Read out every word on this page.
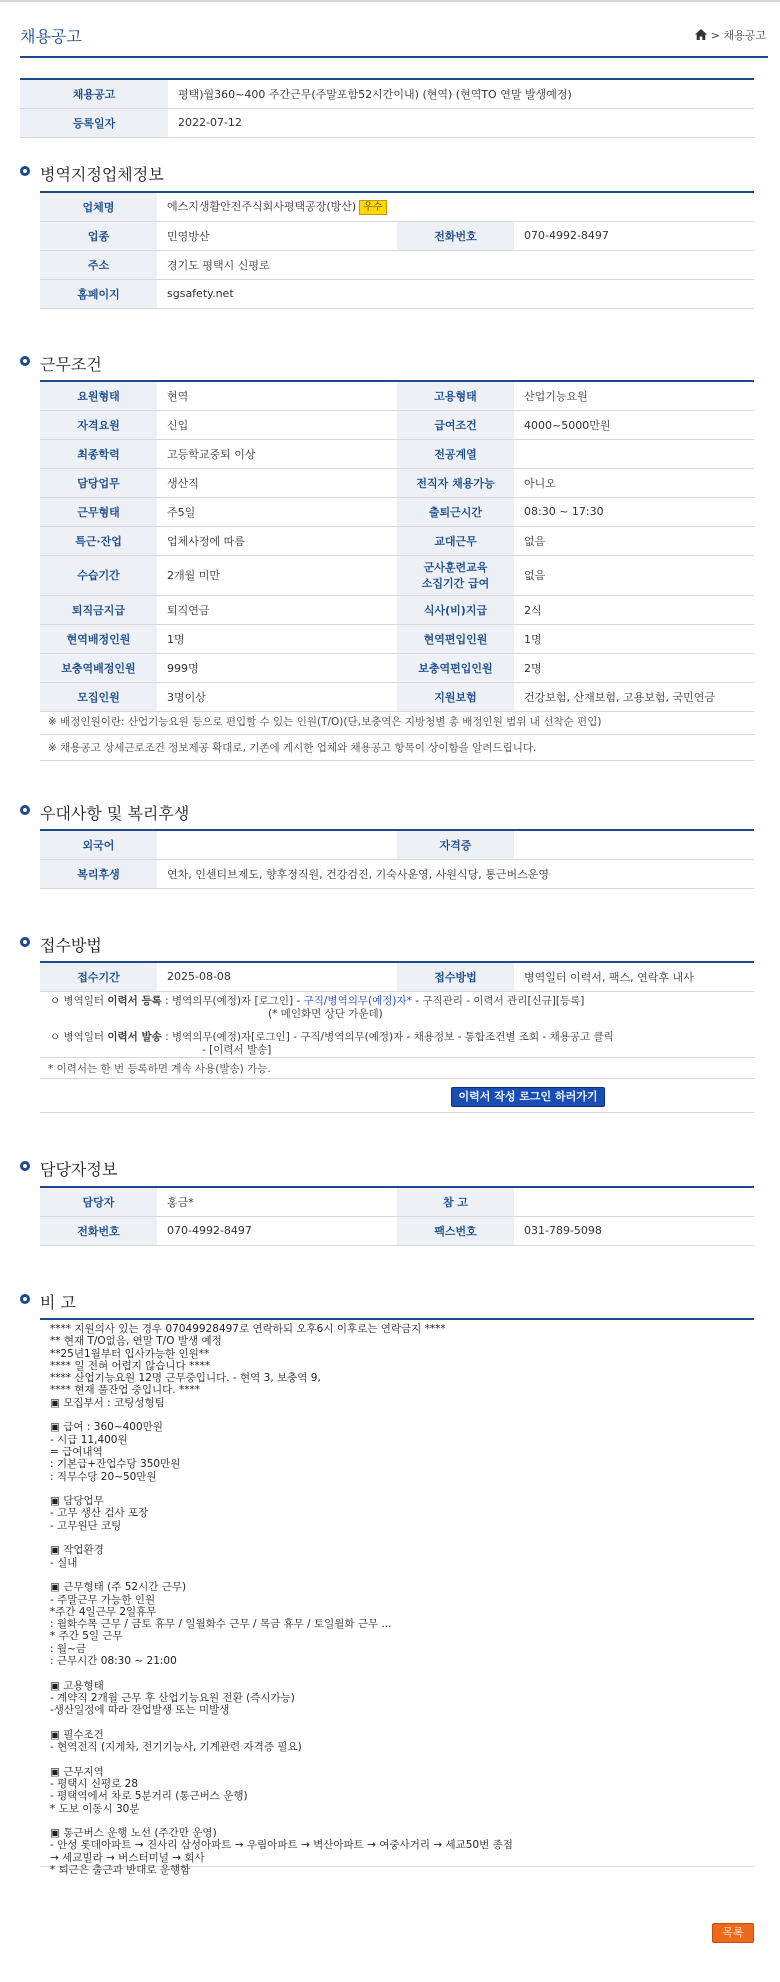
채용공고	> 채용공고
채용공고	평택)월360~400 주간근무(주말포함52시간이내) (현역) (현역TO 연말 발생예정)
등록일자	2022-07-12
병역지정업체정보
업체명	에스지생활안전주식회사평택공장(방산) 우수		
업종	민영방산	전화번호	070-4992-8497
주소	경기도 평택시 신평로		
홈페이지	sgsafety.net		
근무조건
요원형태	현역	고용형태	산업기능요원
자격요원	신입	급여조건	4000~5000만원
최종학력	고등학교중퇴 이상	전공계열	
담당업무	생산직	전직자 채용가능	아니오
근무형태	주5일	출퇴근시간	08:30 ~ 17:30
특근·잔업	업체사정에 따름	교대근무	없음
수습기간	2개월 미만	군사훈련교육 소집기간 급여	없음
퇴직금지급	퇴직연금	식사(비)지급	2식
현역배정인원	1명	현역편입인원	1명
보충역배정인원	999명	보충역편입인원	2명
모집인원	3명이상	지원보험	건강보험, 산재보험, 고용보험, 국민연금
※ 배정인원이란: 산업기능요원 등으로 편입할 수 있는 인원(T/O)(단,보충역은 지방청별 총 배정인원 범위 내 선착순 편입)
※ 채용공고 상세근로조건 정보제공 확대로, 기존에 게시한 업체와 채용공고 항목이 상이함을 알려드립니다.
우대사항 및 복리후생
외국어		자격증	
복리후생	연차, 인센티브제도, 향후정직원, 건강검진, 기숙사운영, 사원식당, 통근버스운영		
접수방법
접수기간	2025-08-08	접수방법	병역일터 이력서, 팩스, 연락후 내사
ㅇ 병역일터 이력서 등록 : 병역의무(예정)자 [로그인] - 구직/병역의무(예정)자* - 구직관리 - 이력서 관리[신규][등록]
(* 메인화면 상단 가운데)
ㅇ 병역일터 이력서 발송 : 병역의무(예정)자[로그인] - 구직/병역의무(예정)자 - 채용정보 - 통합조건별 조회 - 채용공고 클릭
- [이력서 발송]
* 이력서는 한 번 등록하면 계속 사용(발송) 가능.
이력서 작성 로그인 하러가기
담당자정보
담당자	홍금*	참 고	
전화번호	070-4992-8497	팩스번호	031-789-5098
비 고
**** 지원의사 있는 경우 07049928497로 연락하되 오후6시 이후로는 연락금지 ****
** 현재 T/O없음, 연말 T/O 발생 예정
**25년1월부터 입사가능한 인원**
**** 일 전혀 어렵지 않습니다 ****
**** 산업기능요원 12명 근무중입니다. - 현역 3, 보충역 9,
**** 현재 풀잔업 중입니다. ****
▣ 모집부서 : 코팅성형팀

▣ 급여 : 360~400만원
- 시급 11,400원
= 급여내역
: 기본급+잔업수당 350만원
: 직무수당 20~50만원

▣ 담당업무
- 고무 생산 검사 포장
- 고무원단 코팅

▣ 작업환경
- 실내

▣ 근무형태 (주 52시간 근무)
- 주말근무 가능한 인원
*주간 4일근무 2일휴무
: 월화수목 근무 / 금토 휴무 / 일월화수 근무 / 목금 휴무 / 토일월화 근무 ...
* 주간 5일 근무
: 월~금
: 근무시간 08:30 ~ 21:00

▣ 고용형태
- 계약직 2개월 근무 후 산업기능요원 전환 (즉시가능)
-생산일정에 따라 잔업발생 또는 미발생

▣ 필수조건
- 현역전직 (지게차, 전기기능사, 기계관련 자격증 필요)

▣ 근무지역
- 평택시 신평로 28
- 평택역에서 차로 5분거리 (통근버스 운행)
* 도보 이동시 30분

▣ 통근버스 운행 노선 (주간만 운영)
- 안성 롯데아파트 → 진사리 삼성아파트 → 우림아파트 → 벽산아파트 → 여중사거리 → 세교50번 종점
→ 세교빌라 → 버스터미널 → 회사
* 퇴근은 출근과 반대로 운행함
목록
